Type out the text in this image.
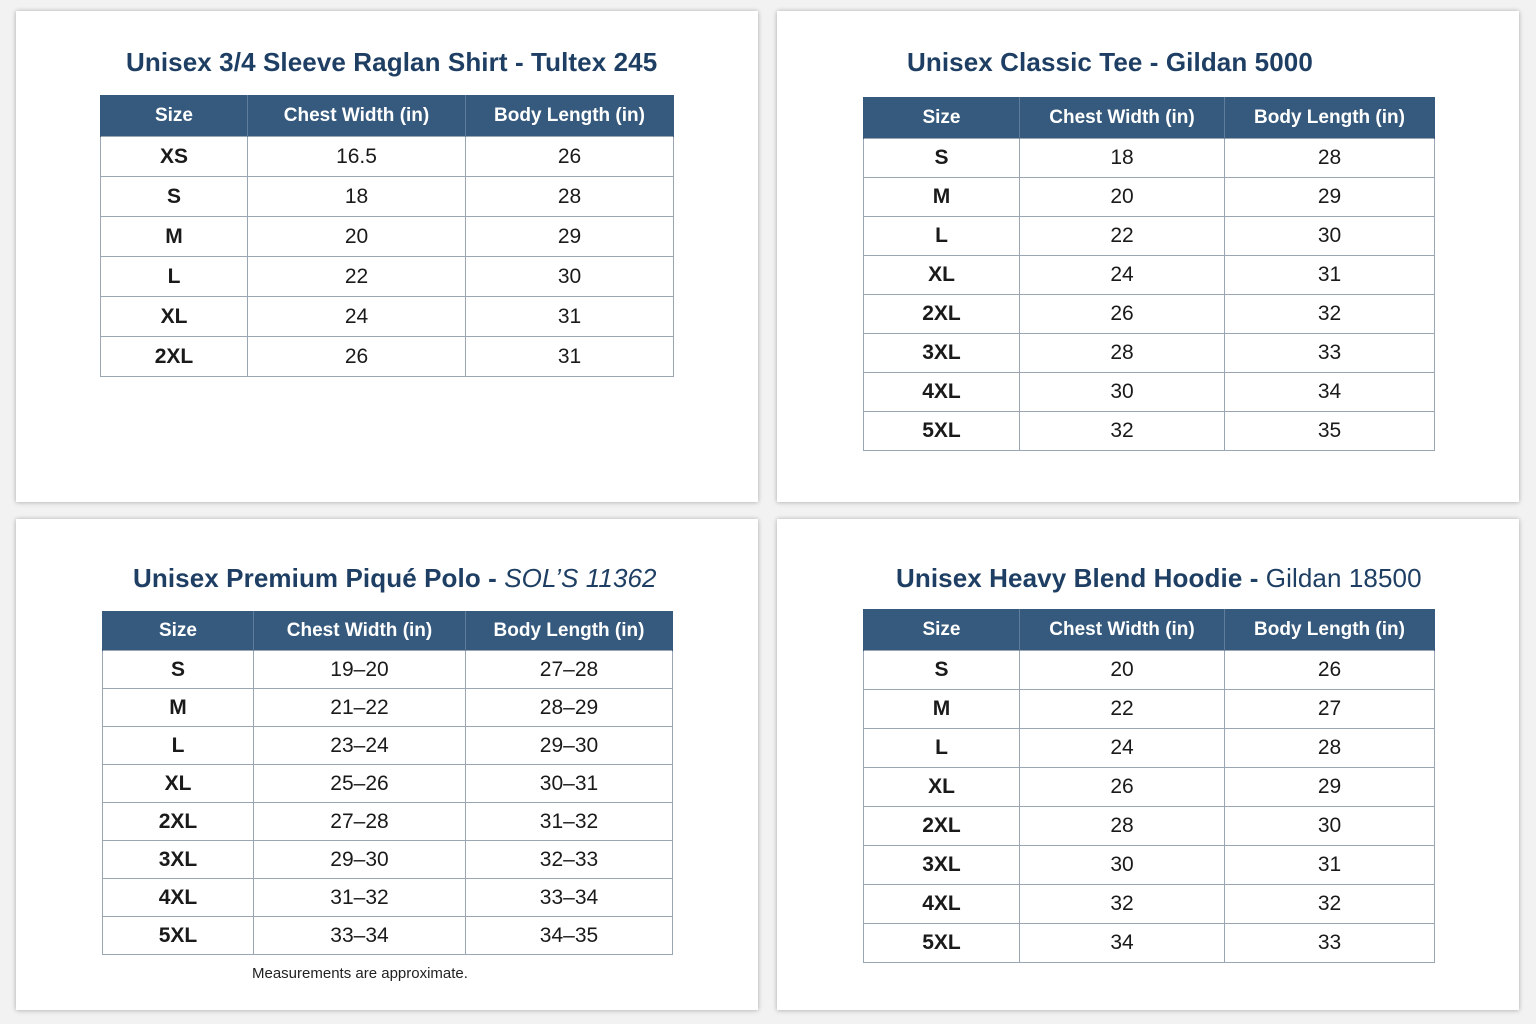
Unisex 3/4 Sleeve Raglan Shirt - Tultex 245
Size	Chest Width (in)	Body Length (in)
XS	16.5	26
S	18	28
M	20	29
L	22	30
XL	24	31
2XL	26	31
Unisex Classic Tee - Gildan 5000
Size	Chest Width (in)	Body Length (in)
S	18	28
M	20	29
L	22	30
XL	24	31
2XL	26	32
3XL	28	33
4XL	30	34
5XL	32	35
Unisex Premium Piqué Polo - SOL’S 11362
Size	Chest Width (in)	Body Length (in)
S	19–20	27–28
M	21–22	28–29
L	23–24	29–30
XL	25–26	30–31
2XL	27–28	31–32
3XL	29–30	32–33
4XL	31–32	33–34
5XL	33–34	34–35
Measurements are approximate.
Unisex Heavy Blend Hoodie - Gildan 18500
Size	Chest Width (in)	Body Length (in)
S	20	26
M	22	27
L	24	28
XL	26	29
2XL	28	30
3XL	30	31
4XL	32	32
5XL	34	33
